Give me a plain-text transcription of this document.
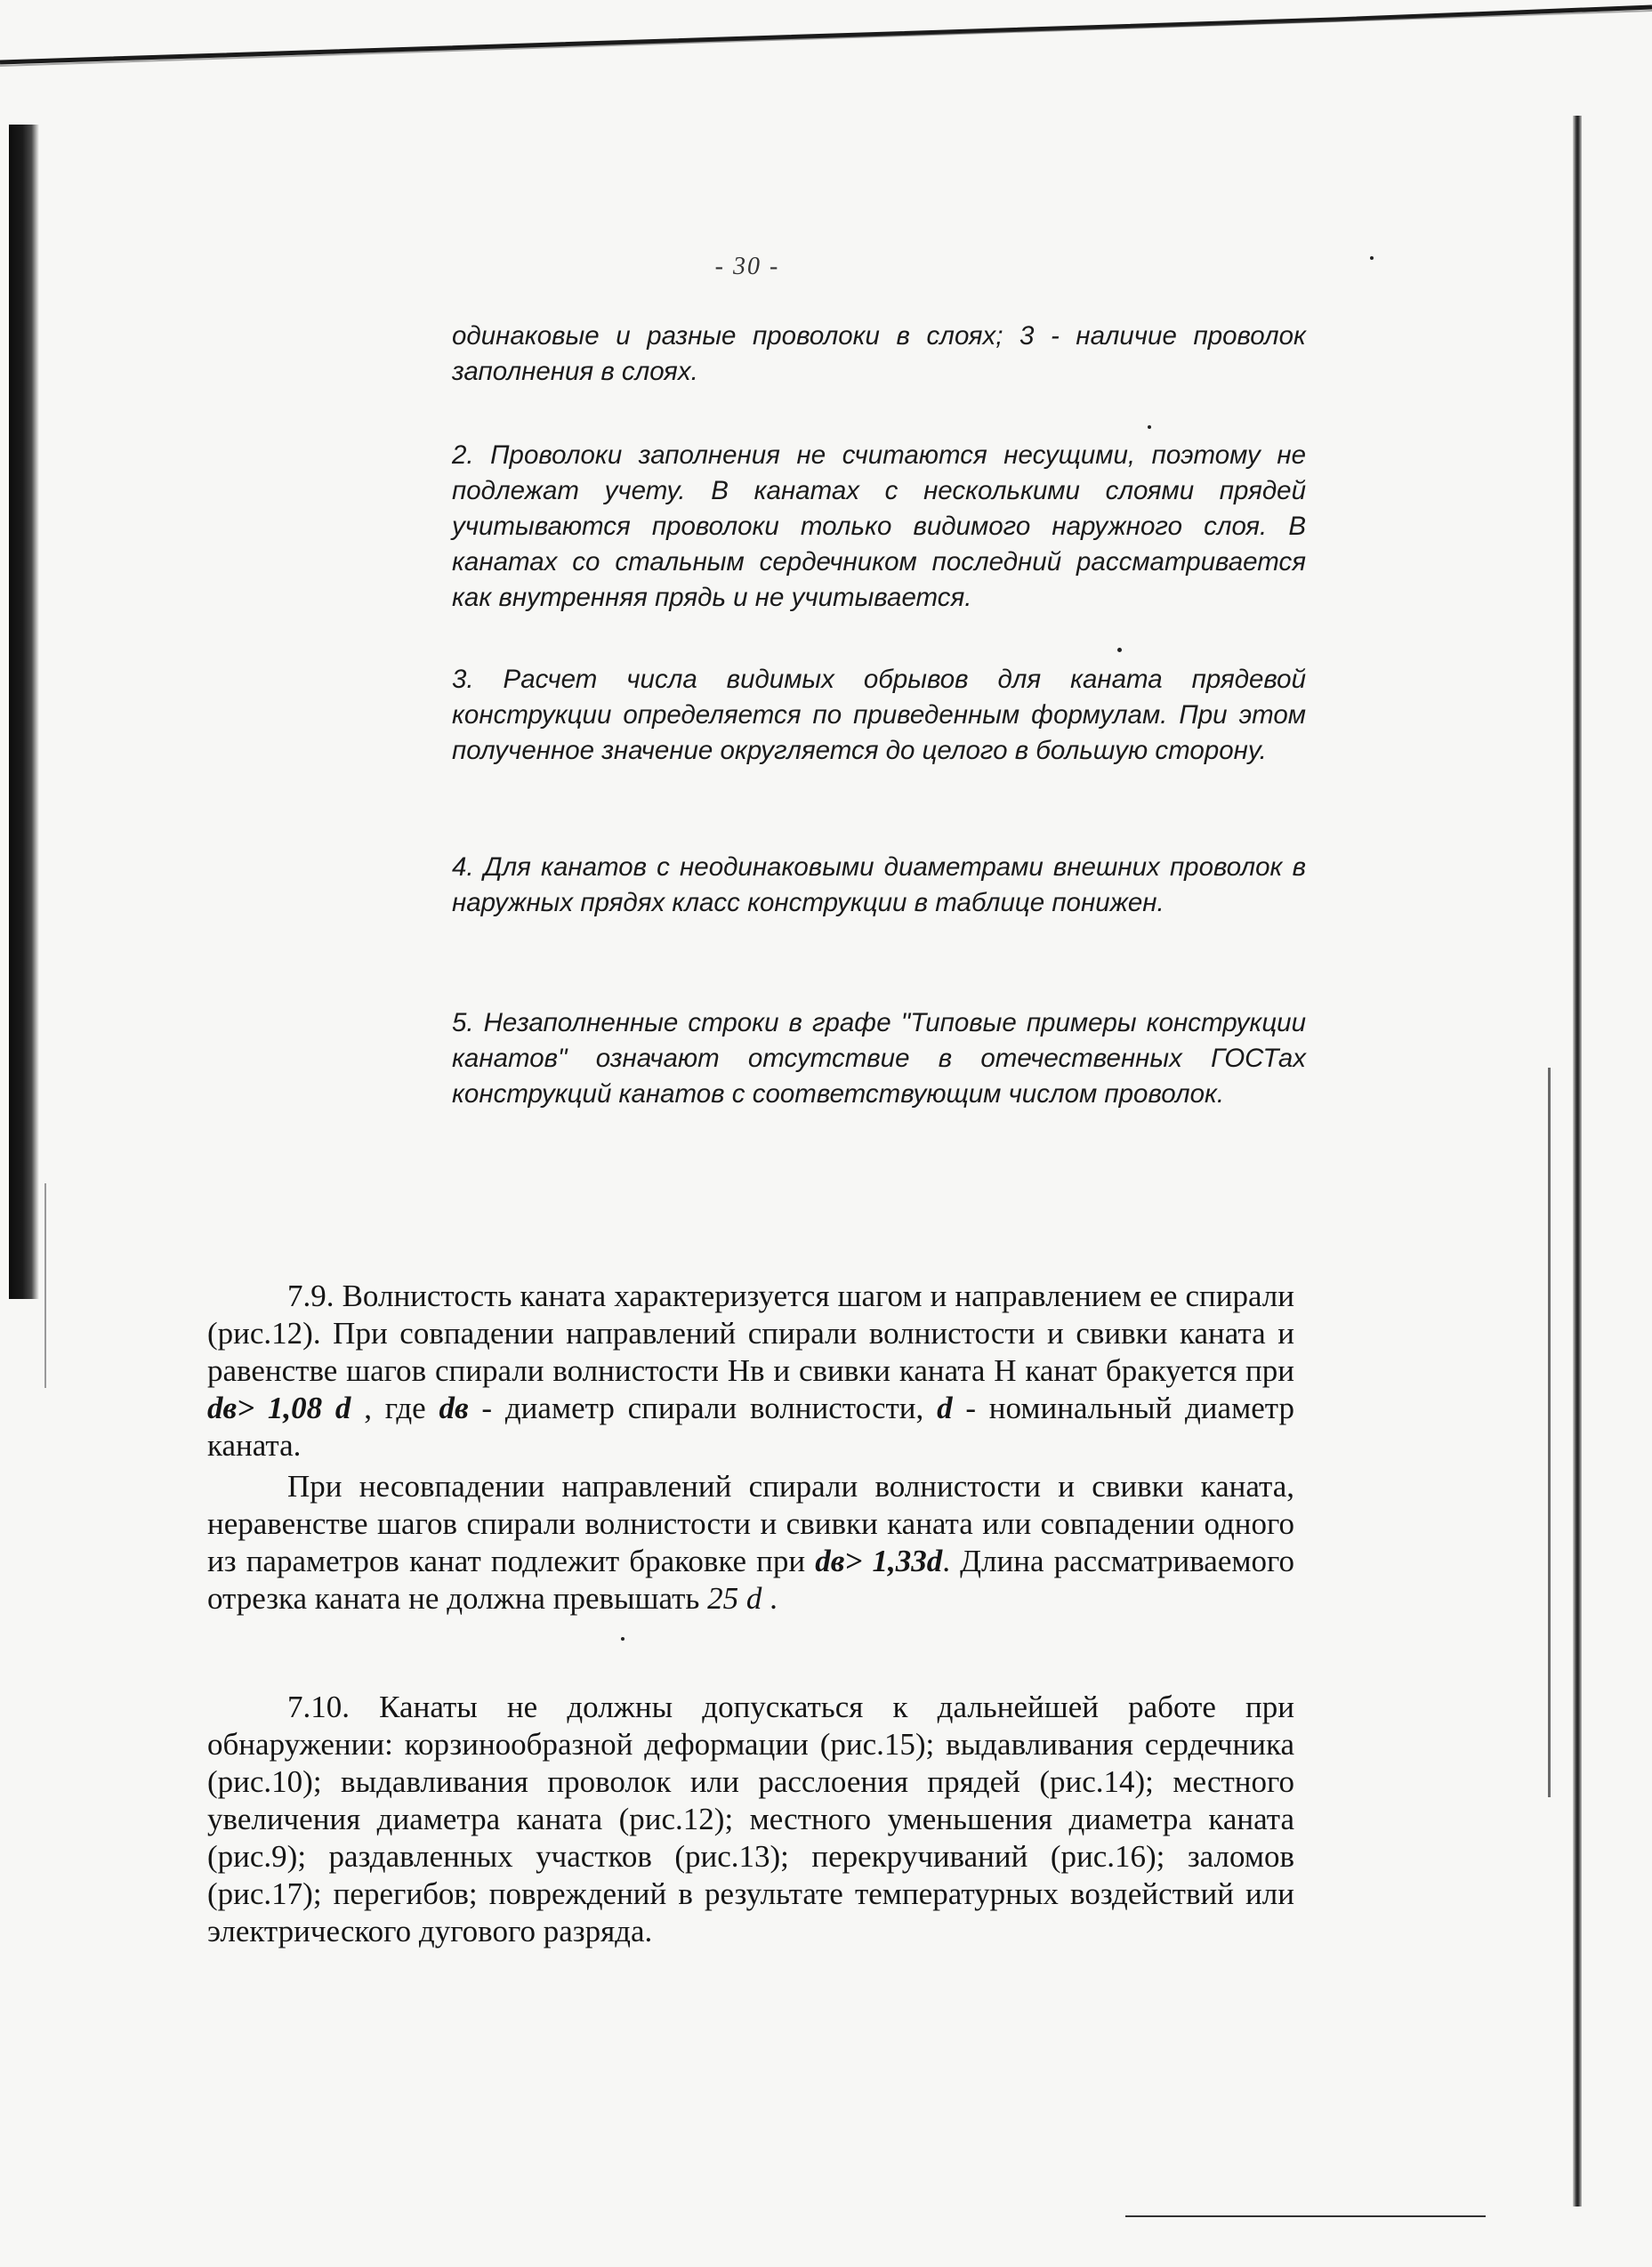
- 30 -

одинаковые и разные проволоки в слоях; 3 - наличие проволок заполнения в слоях.

2. Проволоки заполнения не считаются несущими, поэтому не подлежат учету. В канатах с несколькими слоями прядей учитываются проволоки только видимого наружного слоя. В канатах со стальным сердечником последний рассматривается как внутренняя прядь и не учитывается.

3. Расчет числа видимых обрывов для каната прядевой конструкции определяется по приведенным формулам. При этом полученное значение округляется до целого в большую сторону.

4. Для канатов с неодинаковыми диаметрами внешних проволок в наружных прядях класс конструкции в таблице понижен.

5. Незаполненные строки в графе "Типовые примеры конструкции канатов" означают отсутствие в отечественных ГОСТах конструкций канатов с соответствующим числом проволок.

7.9. Волнистость каната характеризуется шагом и направлением ее спирали (рис.12). При совпадении направлений спирали волнистости и свивки каната и равенстве шагов спирали волнистости Нв и свивки каната Н канат бракуется при dв> 1,08 d , где dв - диаметр спирали волнистости, d - номинальный диаметр каната.

При несовпадении направлений спирали волнистости и свивки каната, неравенстве шагов спирали волнистости и свивки каната или совпадении одного из параметров канат подлежит браковке при dв> 1,33d. Длина рассматриваемого отрезка каната не должна превышать 25 d .

7.10. Канаты не должны допускаться к дальнейшей работе при обнаружении: корзинообразной деформации (рис.15); выдавливания сердечника (рис.10); выдавливания проволок или расслоения прядей (рис.14); местного увеличения диаметра каната (рис.12); местного уменьшения диаметра каната (рис.9); раздавленных участков (рис.13); перекручиваний (рис.16); заломов (рис.17); перегибов; повреждений в результате температурных воздействий или электрического дугового разряда.
